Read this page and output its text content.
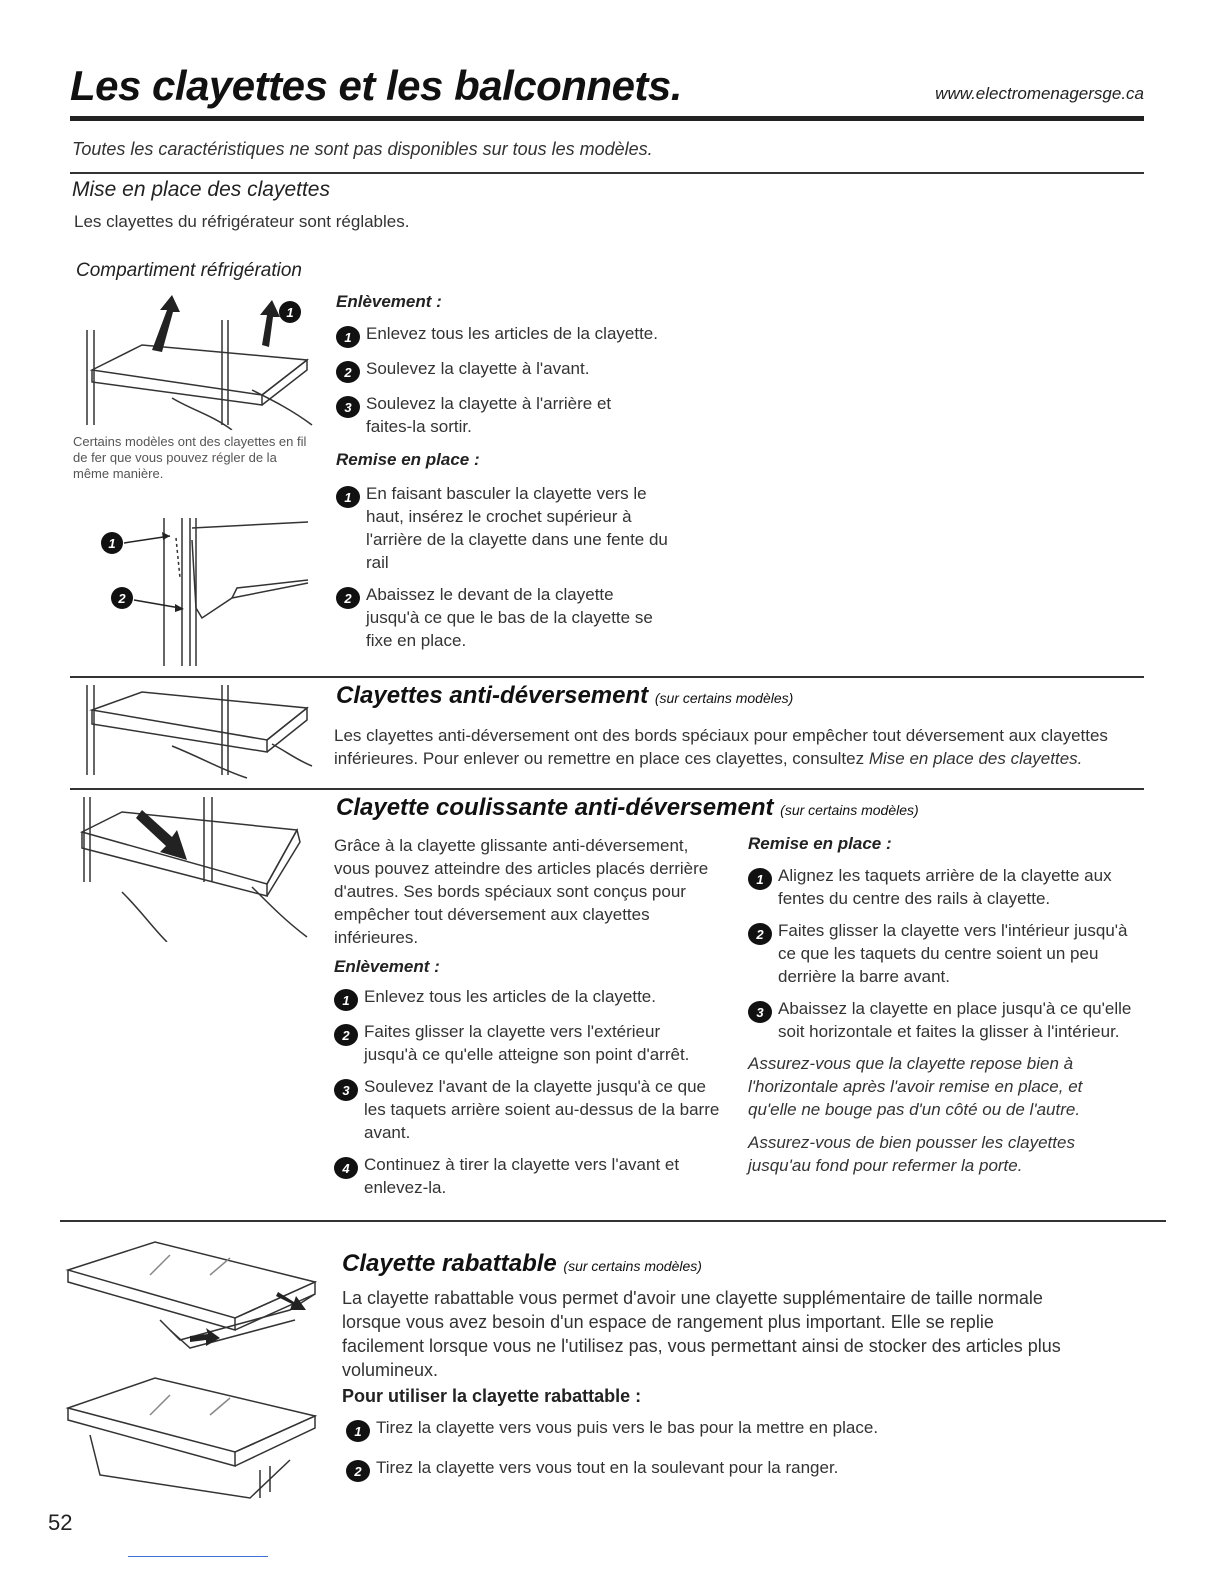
Les clayettes et les balconnets.	www.electromenagersge.ca
Toutes les caractéristiques ne sont pas disponibles sur tous les modèles.
Mise en place des clayettes
Les clayettes du réfrigérateur sont réglables.
Compartiment réfrigération
1
Certains modèles ont des clayettes en fil de fer que vous pouvez régler de la même manière.
1
2
Enlèvement :
1 Enlevez tous les articles de la clayette.
2 Soulevez la clayette à l'avant.
3 Soulevez la clayette à l'arrière et faites-la sortir.
Remise en place :
1 En faisant basculer la clayette vers le haut, insérez le crochet supérieur à l'arrière de la clayette dans une fente du rail
2 Abaissez le devant de la clayette jusqu'à ce que le bas de la clayette se fixe en place.
Clayettes anti-déversement (sur certains modèles)
Les clayettes anti-déversement ont des bords spéciaux pour empêcher tout déversement aux clayettes inférieures. Pour enlever ou remettre en place ces clayettes, consultez Mise en place des clayettes.
Clayette coulissante anti-déversement (sur certains modèles)
Grâce à la clayette glissante anti-déversement, vous pouvez atteindre des articles placés derrière d'autres. Ses bords spéciaux sont conçus pour empêcher tout déversement aux clayettes inférieures.
Enlèvement :
1 Enlevez tous les articles de la clayette.
2 Faites glisser la clayette vers l'extérieur jusqu'à ce qu'elle atteigne son point d'arrêt.
3 Soulevez l'avant de la clayette jusqu'à ce que les taquets arrière soient au-dessus de la barre avant.
4 Continuez à tirer la clayette vers l'avant et enlevez-la.
Remise en place :
1 Alignez les taquets arrière de la clayette aux fentes du centre des rails à clayette.
2 Faites glisser la clayette vers l'intérieur jusqu'à ce que les taquets du centre soient un peu derrière la barre avant.
3 Abaissez la clayette en place jusqu'à ce qu'elle soit horizontale et faites la glisser à l'intérieur.
Assurez-vous que la clayette repose bien à l'horizontale après l'avoir remise en place, et qu'elle ne bouge pas d'un côté ou de l'autre.
Assurez-vous de bien pousser les clayettes jusqu'au fond pour refermer la porte.
Clayette rabattable (sur certains modèles)
La clayette rabattable vous permet d'avoir une clayette supplémentaire de taille normale lorsque vous avez besoin d'un espace de rangement plus important. Elle se replie facilement lorsque vous ne l'utilisez pas, vous permettant ainsi de stocker des articles plus volumineux.
Pour utiliser la clayette rabattable :
1 Tirez la clayette vers vous puis vers le bas pour la mettre en place.
2 Tirez la clayette vers vous tout en la soulevant pour la ranger.
52
